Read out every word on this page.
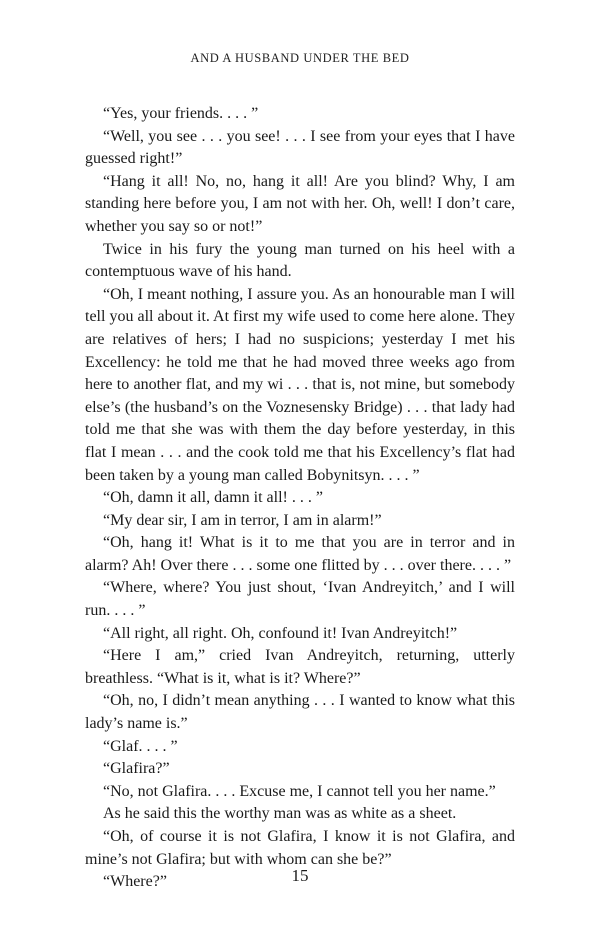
AND A HUSBAND UNDER THE BED

“Yes, your friends. . . . ”

“Well, you see . . . you see! . . . I see from your eyes that I have guessed right!”

“Hang it all! No, no, hang it all! Are you blind? Why, I am standing here before you, I am not with her. Oh, well! I don’t care, whether you say so or not!”

Twice in his fury the young man turned on his heel with a contemptuous wave of his hand.

“Oh, I meant nothing, I assure you. As an honourable man I will tell you all about it. At first my wife used to come here alone. They are relatives of hers; I had no suspicions; yesterday I met his Excellency: he told me that he had moved three weeks ago from here to another flat, and my wi . . . that is, not mine, but somebody else’s (the husband’s on the Voznesensky Bridge) . . . that lady had told me that she was with them the day before yesterday, in this flat I mean . . . and the cook told me that his Excellency’s flat had been taken by a young man called Bobynitsyn. . . . ”

“Oh, damn it all, damn it all! . . . ”

“My dear sir, I am in terror, I am in alarm!”

“Oh, hang it! What is it to me that you are in terror and in alarm? Ah! Over there . . . some one flitted by . . . over there. . . . ”

“Where, where? You just shout, ‘Ivan Andreyitch,’ and I will run. . . . ”

“All right, all right. Oh, confound it! Ivan Andreyitch!”

“Here I am,” cried Ivan Andreyitch, returning, utterly breathless. “What is it, what is it? Where?”

“Oh, no, I didn’t mean anything . . . I wanted to know what this lady’s name is.”

“Glaf. . . . ”

“Glafira?”

“No, not Glafira. . . . Excuse me, I cannot tell you her name.”

As he said this the worthy man was as white as a sheet.

“Oh, of course it is not Glafira, I know it is not Glafira, and mine’s not Glafira; but with whom can she be?”

“Where?”	15
